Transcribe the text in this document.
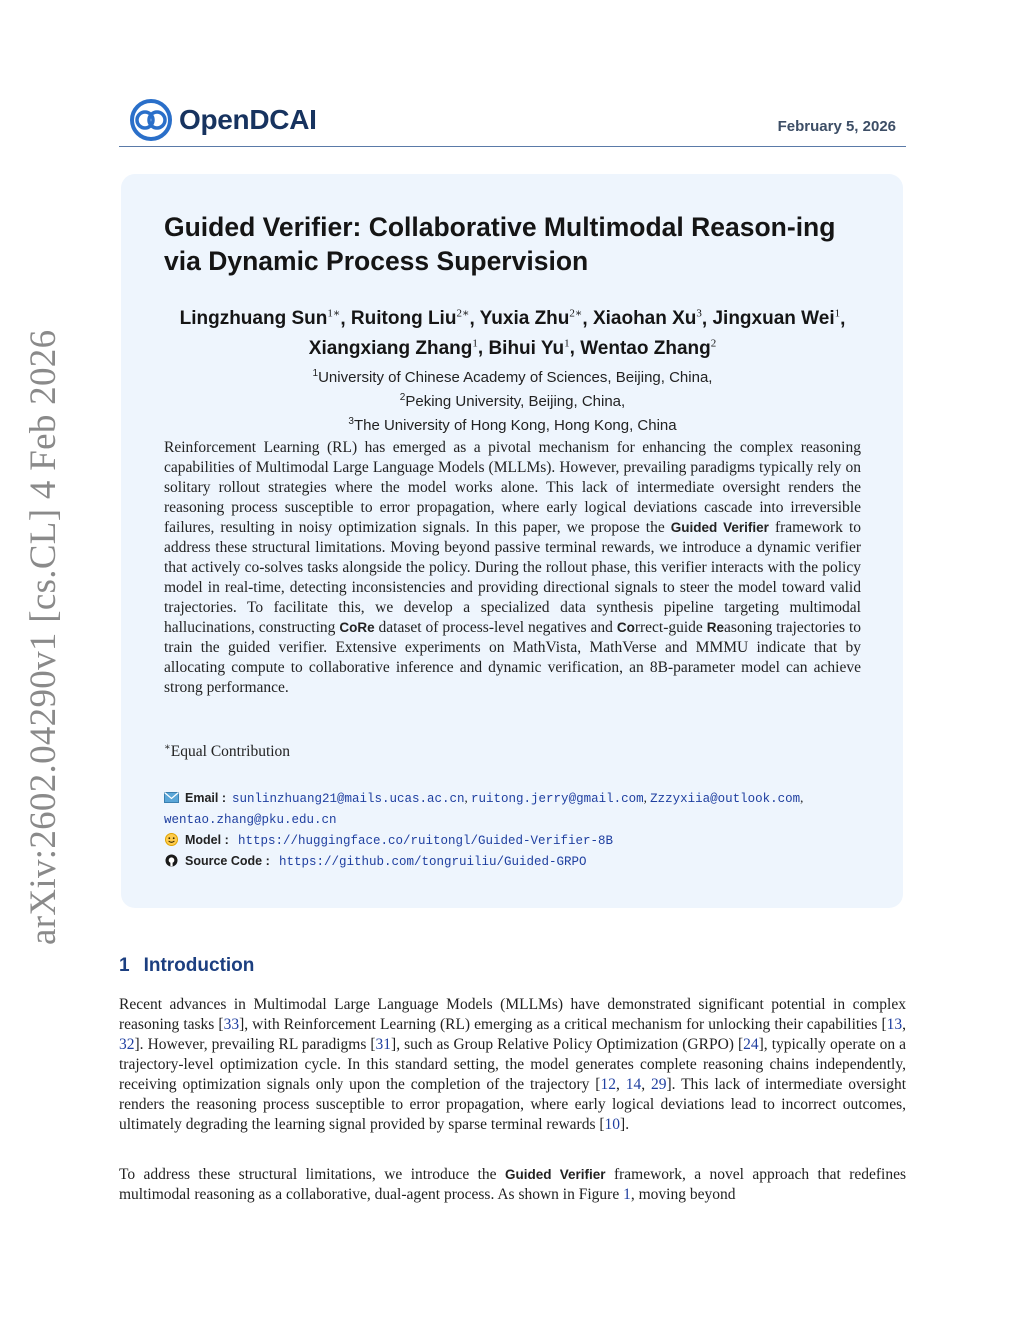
arXiv:2602.04290v1 [cs.CL] 4 Feb 2026
OpenDCAI	February 5, 2026
Guided Verifier: Collaborative Multimodal Reason-ing via Dynamic Process Supervision
Lingzhuang Sun$^{1∗}$, Ruitong Liu$^{2∗}$, Yuxia Zhu$^{2∗}$, Xiaohan Xu$^3$, Jingxuan Wei$^1$, Xiangxiang Zhang$^1$, Bihui Yu$^1$, Wentao Zhang$^2$
$^1$University of Chinese Academy of Sciences, Beijing, China,
$^2$Peking University, Beijing, China,
$^3$The University of Hong Kong, Hong Kong, China
Reinforcement Learning (RL) has emerged as a pivotal mechanism for enhancing the complex reasoning capabilities of Multimodal Large Language Models (MLLMs). However, prevailing paradigms typically rely on solitary rollout strategies where the model works alone. This lack of intermediate oversight renders the reasoning process susceptible to error propagation, where early logical deviations cascade into irreversible failures, resulting in noisy optimization signals. In this paper, we propose the Guided Verifier framework to address these structural limitations. Moving beyond passive terminal rewards, we introduce a dynamic verifier that actively co-solves tasks alongside the policy. During the rollout phase, this verifier interacts with the policy model in real-time, detecting inconsistencies and providing directional signals to steer the model toward valid trajectories. To facilitate this, we develop a specialized data synthesis pipeline targeting multimodal hallucinations, constructing CoRe dataset of process-level negatives and Correct-guide Reasoning trajectories to train the guided verifier. Extensive experiments on MathVista, MathVerse and MMMU indicate that by allocating compute to collaborative inference and dynamic verification, an 8B-parameter model can achieve strong performance.
∗Equal Contribution
Email : sunlinzhuang21@mails.ucas.ac.cn, ruitong.jerry@gmail.com, Zzzyxiia@outlook.com,
wentao.zhang@pku.edu.cn
Model : https://huggingface.co/ruitongl/Guided-Verifier-8B
Source Code : https://github.com/tongruiliu/Guided-GRPO
1 Introduction
Recent advances in Multimodal Large Language Models (MLLMs) have demonstrated significant potential in complex reasoning tasks [33], with Reinforcement Learning (RL) emerging as a critical mechanism for unlocking their capabilities [13, 32]. However, prevailing RL paradigms [31], such as Group Relative Policy Optimization (GRPO) [24], typically operate on a trajectory-level optimization cycle. In this standard setting, the model generates complete reasoning chains independently, receiving optimization signals only upon the completion of the trajectory [12, 14, 29]. This lack of intermediate oversight renders the reasoning process susceptible to error propagation, where early logical deviations lead to incorrect outcomes, ultimately degrading the learning signal provided by sparse terminal rewards [10].
To address these structural limitations, we introduce the Guided Verifier framework, a novel approach that redefines multimodal reasoning as a collaborative, dual-agent process. As shown in Figure 1, moving beyond
